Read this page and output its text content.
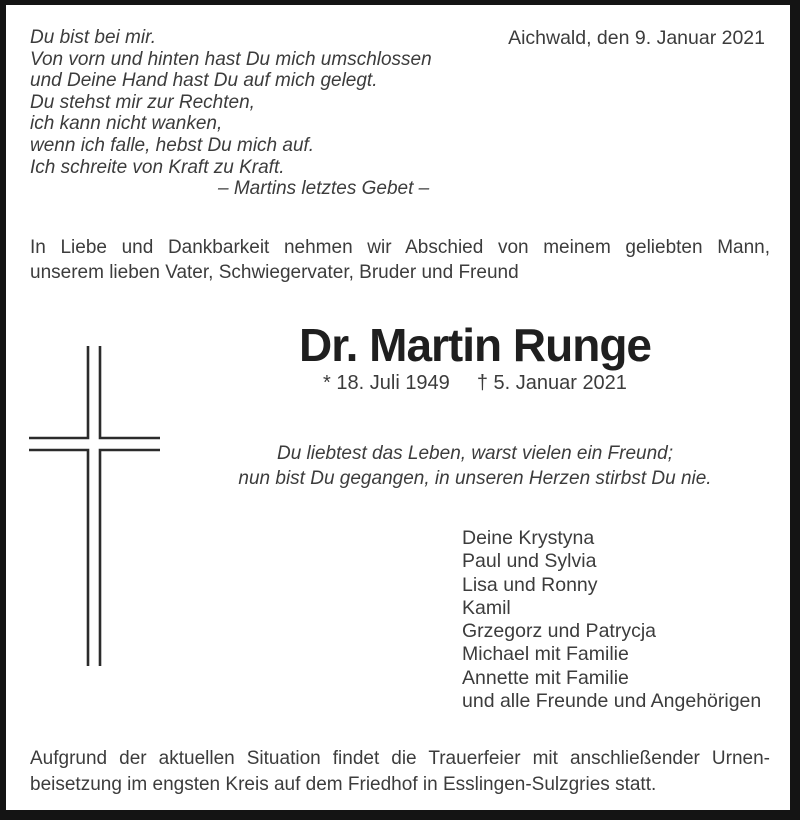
Aichwald, den 9. Januar 2021
Du bist bei mir.
Von vorn und hinten hast Du mich umschlossen
und Deine Hand hast Du auf mich gelegt.
Du stehst mir zur Rechten,
ich kann nicht wanken,
wenn ich falle, hebst Du mich auf.
Ich schreite von Kraft zu Kraft.
– Martins letztes Gebet –
In Liebe und Dankbarkeit nehmen wir Abschied von meinem geliebten Mann,
unserem lieben Vater, Schwiegervater, Bruder und Freund
Dr. Martin Runge
* 18. Juli 1949 † 5. Januar 2021
Du liebtest das Leben, warst vielen ein Freund;
nun bist Du gegangen, in unseren Herzen stirbst Du nie.
Deine Krystyna
Paul und Sylvia
Lisa und Ronny
Kamil
Grzegorz und Patrycja
Michael mit Familie
Annette mit Familie
und alle Freunde und Angehörigen
Aufgrund der aktuellen Situation findet die Trauerfeier mit anschließender Urnen-
beisetzung im engsten Kreis auf dem Friedhof in Esslingen-Sulzgries statt.
